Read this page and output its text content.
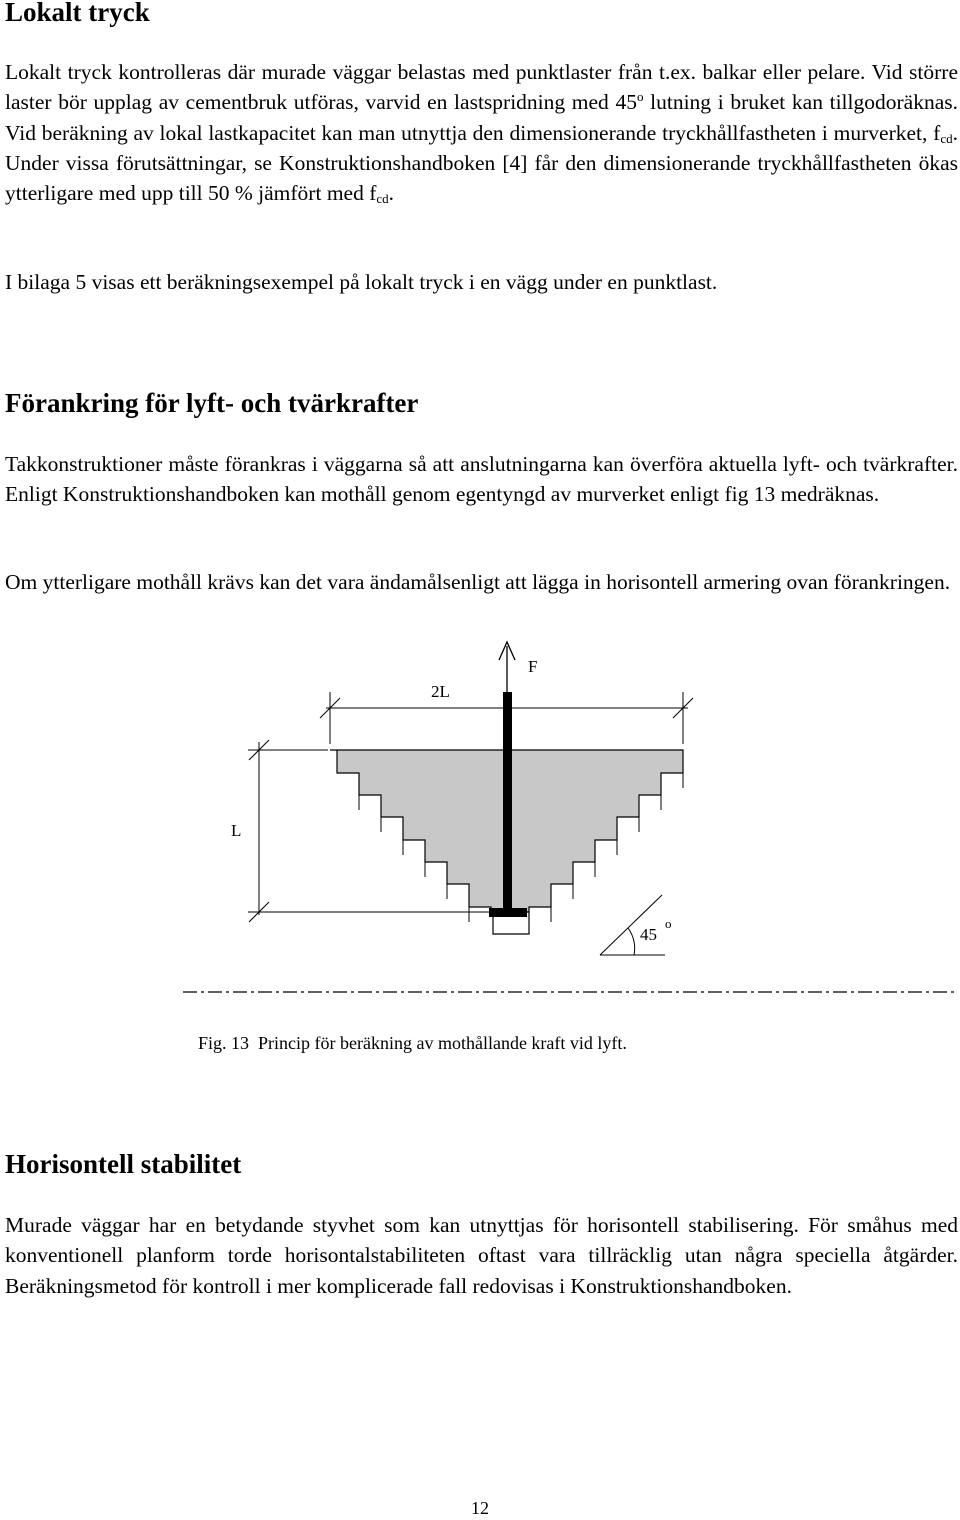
Lokalt tryck

Lokalt tryck kontrolleras där murade väggar belastas med punktlaster från t.ex. balkar eller pelare. Vid större laster bör upplag av cementbruk utföras, varvid en lastspridning med 45$^o$ lutning i bruket kan tillgodoräknas. Vid beräkning av lokal lastkapacitet kan man utnyttja den dimensionerande tryckhållfastheten i murverket, $f_{cd}$. Under vissa förutsättningar, se Konstruktionshandboken [4] får den dimensionerande tryckhållfastheten ökas ytterligare med upp till 50 % jämfört med $f_{cd}$.

I bilaga 5 visas ett beräkningsexempel på lokalt tryck i en vägg under en punktlast.

Förankring för lyft- och tvärkrafter

Takkonstruktioner måste förankras i väggarna så att anslutningarna kan överföra aktuella lyft- och tvärkrafter. Enligt Konstruktionshandboken kan mothåll genom egentyngd av murverket enligt fig 13 medräknas.

Om ytterligare mothåll krävs kan det vara ändamålsenligt att lägga in horisontell armering ovan förankringen.

F
2L
L
45
o
Fig. 13 Princip för beräkning av mothållande kraft vid lyft.
Horisontell stabilitet

Murade väggar har en betydande styvhet som kan utnyttjas för horisontell stabilisering. För småhus med konventionell planform torde horisontalstabiliteten oftast vara tillräcklig utan några speciella åtgärder. Beräkningsmetod för kontroll i mer komplicerade fall redovisas i Konstruktionshandboken.

12
